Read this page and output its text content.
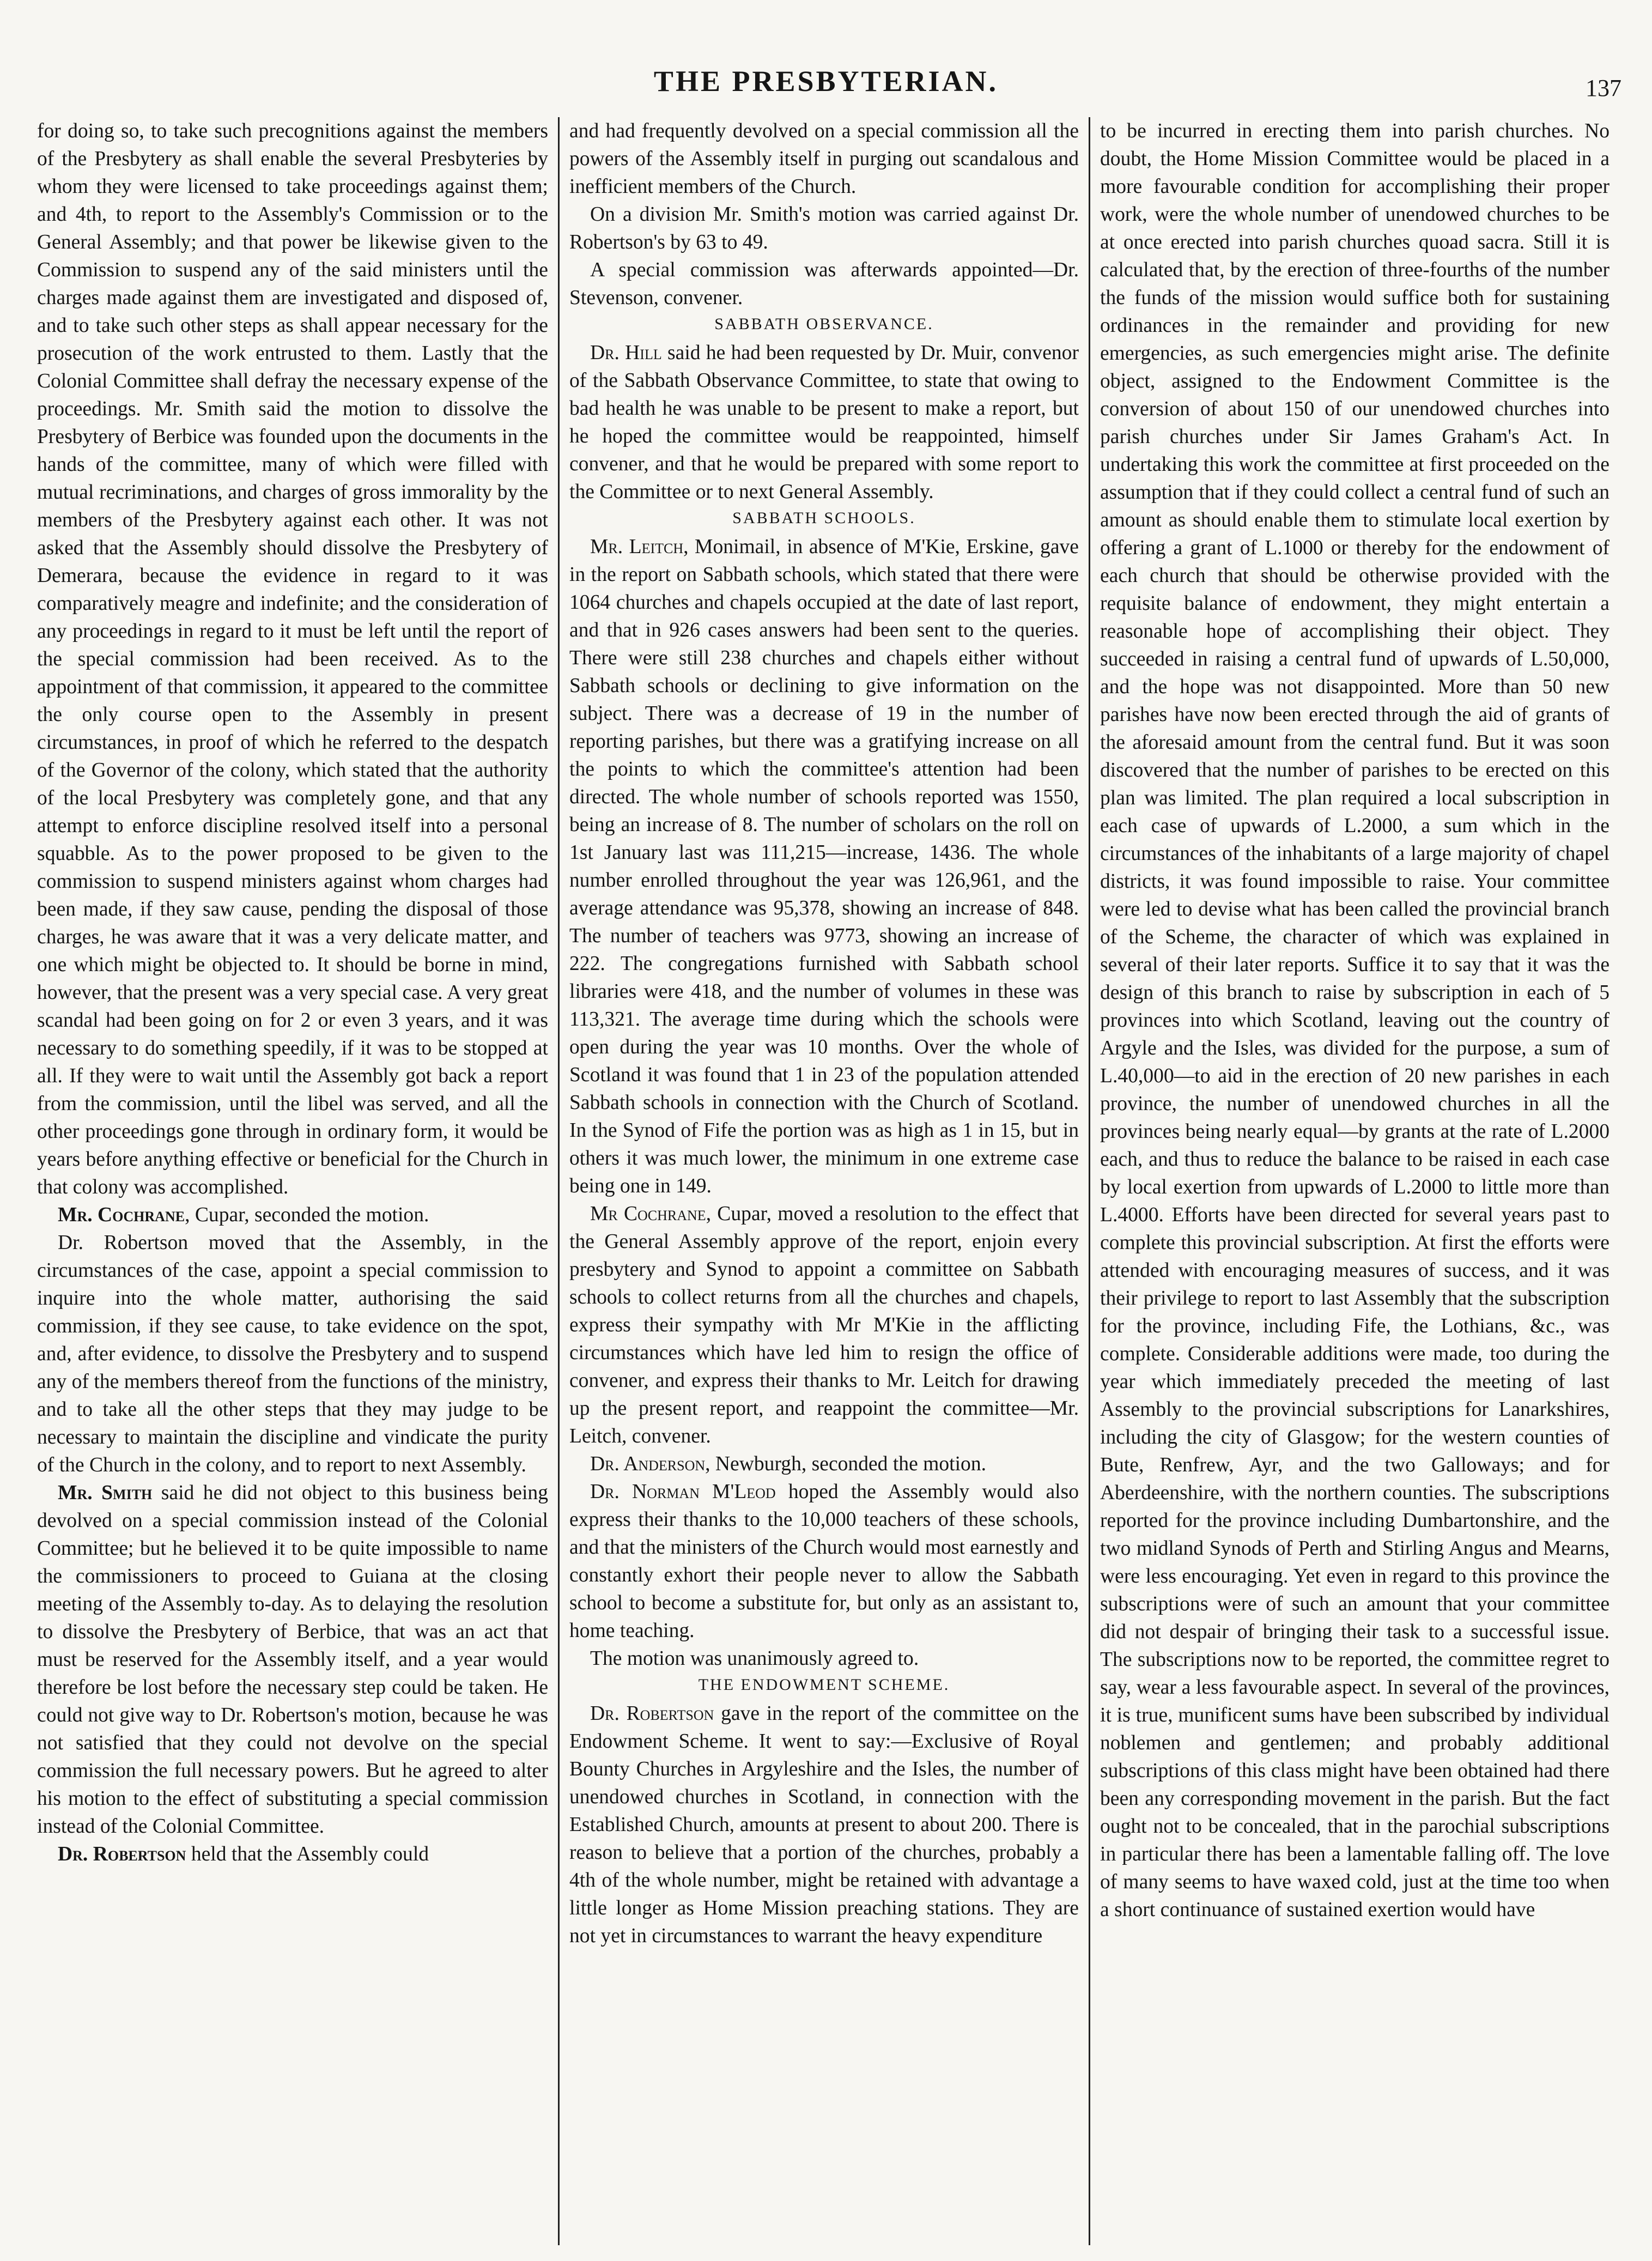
THE PRESBYTERIAN.	137

for doing so, to take such precognitions against the members of the Presbytery as shall enable the several Presbyteries by whom they were licensed to take proceedings against them; and 4th, to report to the Assembly's Commission or to the General Assembly; and that power be likewise given to the Commission to suspend any of the said ministers until the charges made against them are investigated and disposed of, and to take such other steps as shall appear necessary for the prosecution of the work entrusted to them. Lastly that the Colonial Committee shall defray the necessary expense of the proceedings. Mr. Smith said the motion to dissolve the Presbytery of Berbice was founded upon the documents in the hands of the committee, many of which were filled with mutual recriminations, and charges of gross immorality by the members of the Presbytery against each other. It was not asked that the Assembly should dissolve the Presbytery of Demerara, because the evidence in regard to it was comparatively meagre and indefinite; and the consideration of any proceedings in regard to it must be left until the report of the special commission had been received. As to the appointment of that commission, it appeared to the committee the only course open to the Assembly in present circumstances, in proof of which he referred to the despatch of the Governor of the colony, which stated that the authority of the local Presbytery was completely gone, and that any attempt to enforce discipline resolved itself into a personal squabble. As to the power proposed to be given to the commission to suspend ministers against whom charges had been made, if they saw cause, pending the disposal of those charges, he was aware that it was a very delicate matter, and one which might be objected to. It should be borne in mind, however, that the present was a very special case. A very great scandal had been going on for 2 or even 3 years, and it was necessary to do something speedily, if it was to be stopped at all. If they were to wait until the Assembly got back a report from the commission, until the libel was served, and all the other proceedings gone through in ordinary form, it would be years before anything effective or beneficial for the Church in that colony was accomplished.

Mr. Cochrane, Cupar, seconded the motion.

Dr. Robertson moved that the Assembly, in the circumstances of the case, appoint a special commission to inquire into the whole matter, authorising the said commission, if they see cause, to take evidence on the spot, and, after evidence, to dissolve the Presbytery and to suspend any of the members thereof from the functions of the ministry, and to take all the other steps that they may judge to be necessary to maintain the discipline and vindicate the purity of the Church in the colony, and to report to next Assembly.

Mr. Smith said he did not object to this business being devolved on a special commission instead of the Colonial Committee; but he believed it to be quite impossible to name the commissioners to proceed to Guiana at the closing meeting of the Assembly to-day. As to delaying the resolution to dissolve the Presbytery of Berbice, that was an act that must be reserved for the Assembly itself, and a year would therefore be lost before the necessary step could be taken. He could not give way to Dr. Robertson's motion, because he was not satisfied that they could not devolve on the special commission the full necessary powers. But he agreed to alter his motion to the effect of substituting a special commission instead of the Colonial Committee.

Dr. Robertson held that the Assembly could

and had frequently devolved on a special commission all the powers of the Assembly itself in purging out scandalous and inefficient members of the Church.

On a division Mr. Smith's motion was carried against Dr. Robertson's by 63 to 49.

A special commission was afterwards appointed—Dr. Stevenson, convener.

SABBATH OBSERVANCE.

Dr. Hill said he had been requested by Dr. Muir, convenor of the Sabbath Observance Committee, to state that owing to bad health he was unable to be present to make a report, but he hoped the committee would be reappointed, himself convener, and that he would be prepared with some report to the Committee or to next General Assembly.

SABBATH SCHOOLS.

Mr. Leitch, Monimail, in absence of M'Kie, Erskine, gave in the report on Sabbath schools, which stated that there were 1064 churches and chapels occupied at the date of last report, and that in 926 cases answers had been sent to the queries. There were still 238 churches and chapels either without Sabbath schools or declining to give information on the subject. There was a decrease of 19 in the number of reporting parishes, but there was a gratifying increase on all the points to which the committee's attention had been directed. The whole number of schools reported was 1550, being an increase of 8. The number of scholars on the roll on 1st January last was 111,215—increase, 1436. The whole number enrolled throughout the year was 126,961, and the average attendance was 95,378, showing an increase of 848. The number of teachers was 9773, showing an increase of 222. The congregations furnished with Sabbath school libraries were 418, and the number of volumes in these was 113,321. The average time during which the schools were open during the year was 10 months. Over the whole of Scotland it was found that 1 in 23 of the population attended Sabbath schools in connection with the Church of Scotland. In the Synod of Fife the portion was as high as 1 in 15, but in others it was much lower, the minimum in one extreme case being one in 149.

Mr Cochrane, Cupar, moved a resolution to the effect that the General Assembly approve of the report, enjoin every presbytery and Synod to appoint a committee on Sabbath schools to collect returns from all the churches and chapels, express their sympathy with Mr M'Kie in the afflicting circumstances which have led him to resign the office of convener, and express their thanks to Mr. Leitch for drawing up the present report, and reappoint the committee—Mr. Leitch, convener.

Dr. Anderson, Newburgh, seconded the motion.

Dr. Norman M'Leod hoped the Assembly would also express their thanks to the 10,000 teachers of these schools, and that the ministers of the Church would most earnestly and constantly exhort their people never to allow the Sabbath school to become a substitute for, but only as an assistant to, home teaching.

The motion was unanimously agreed to.

THE ENDOWMENT SCHEME.

Dr. Robertson gave in the report of the committee on the Endowment Scheme. It went to say:—Exclusive of Royal Bounty Churches in Argyleshire and the Isles, the number of unendowed churches in Scotland, in connection with the Established Church, amounts at present to about 200. There is reason to believe that a portion of the churches, probably a 4th of the whole number, might be retained with advantage a little longer as Home Mission preaching stations. They are not yet in circumstances to warrant the heavy expenditure

to be incurred in erecting them into parish churches. No doubt, the Home Mission Committee would be placed in a more favourable condition for accomplishing their proper work, were the whole number of unendowed churches to be at once erected into parish churches quoad sacra. Still it is calculated that, by the erection of three-fourths of the number the funds of the mission would suffice both for sustaining ordinances in the remainder and providing for new emergencies, as such emergencies might arise. The definite object, assigned to the Endowment Committee is the conversion of about 150 of our unendowed churches into parish churches under Sir James Graham's Act. In undertaking this work the committee at first proceeded on the assumption that if they could collect a central fund of such an amount as should enable them to stimulate local exertion by offering a grant of L.1000 or thereby for the endowment of each church that should be otherwise provided with the requisite balance of endowment, they might entertain a reasonable hope of accomplishing their object. They succeeded in raising a central fund of upwards of L.50,000, and the hope was not disappointed. More than 50 new parishes have now been erected through the aid of grants of the aforesaid amount from the central fund. But it was soon discovered that the number of parishes to be erected on this plan was limited. The plan required a local subscription in each case of upwards of L.2000, a sum which in the circumstances of the inhabitants of a large majority of chapel districts, it was found impossible to raise. Your committee were led to devise what has been called the provincial branch of the Scheme, the character of which was explained in several of their later reports. Suffice it to say that it was the design of this branch to raise by subscription in each of 5 provinces into which Scotland, leaving out the country of Argyle and the Isles, was divided for the purpose, a sum of L.40,000—to aid in the erection of 20 new parishes in each province, the number of unendowed churches in all the provinces being nearly equal—by grants at the rate of L.2000 each, and thus to reduce the balance to be raised in each case by local exertion from upwards of L.2000 to little more than L.4000. Efforts have been directed for several years past to complete this provincial subscription. At first the efforts were attended with encouraging measures of success, and it was their privilege to report to last Assembly that the subscription for the province, including Fife, the Lothians, &c., was complete. Considerable additions were made, too during the year which immediately preceded the meeting of last Assembly to the provincial subscriptions for Lanarkshires, including the city of Glasgow; for the western counties of Bute, Renfrew, Ayr, and the two Galloways; and for Aberdeenshire, with the northern counties. The subscriptions reported for the province including Dumbartonshire, and the two midland Synods of Perth and Stirling Angus and Mearns, were less encouraging. Yet even in regard to this province the subscriptions were of such an amount that your committee did not despair of bringing their task to a successful issue. The subscriptions now to be reported, the committee regret to say, wear a less favourable aspect. In several of the provinces, it is true, munificent sums have been subscribed by individual noblemen and gentlemen; and probably additional subscriptions of this class might have been obtained had there been any corresponding movement in the parish. But the fact ought not to be concealed, that in the parochial subscriptions in particular there has been a lamentable falling off. The love of many seems to have waxed cold, just at the time too when a short continuance of sustained exertion would have
